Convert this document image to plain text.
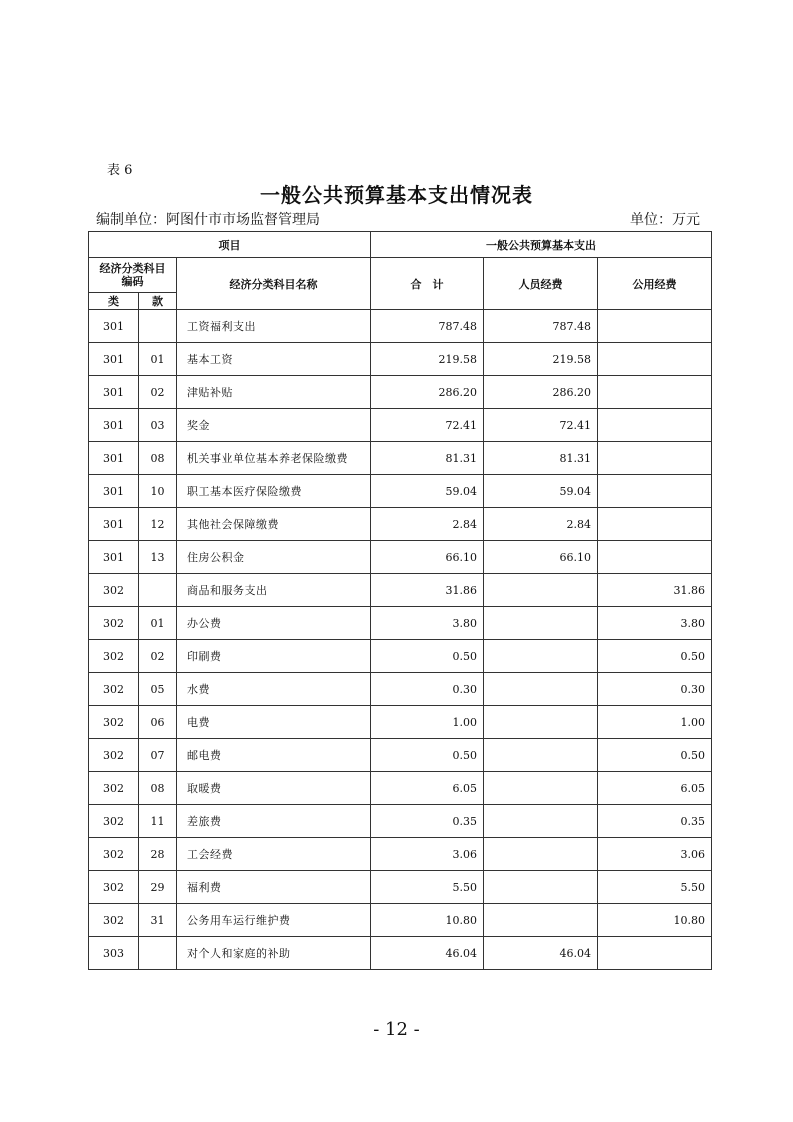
表 6
一般公共预算基本支出情况表
编制单位：阿图什市市场监督管理局	单位：万元
项目			一般公共预算基本支出		

经济分类科目
编码		经济分类科目名称	合　计	人员经费	公用经费
类	款				
301		工资福利支出	787.48	787.48	
301	01	基本工资	219.58	219.58	
301	02	津贴补贴	286.20	286.20	
301	03	奖金	72.41	72.41	
301	08	机关事业单位基本养老保险缴费	81.31	81.31	
301	10	职工基本医疗保险缴费	59.04	59.04	
301	12	其他社会保障缴费	2.84	2.84	
301	13	住房公积金	66.10	66.10	
302		商品和服务支出	31.86		31.86
302	01	办公费	3.80		3.80
302	02	印刷费	0.50		0.50
302	05	水费	0.30		0.30
302	06	电费	1.00		1.00
302	07	邮电费	0.50		0.50
302	08	取暖费	6.05		6.05
302	11	差旅费	0.35		0.35
302	28	工会经费	3.06		3.06
302	29	福利费	5.50		5.50
302	31	公务用车运行维护费	10.80		10.80
303		对个人和家庭的补助	46.04	46.04	
- 12 -
